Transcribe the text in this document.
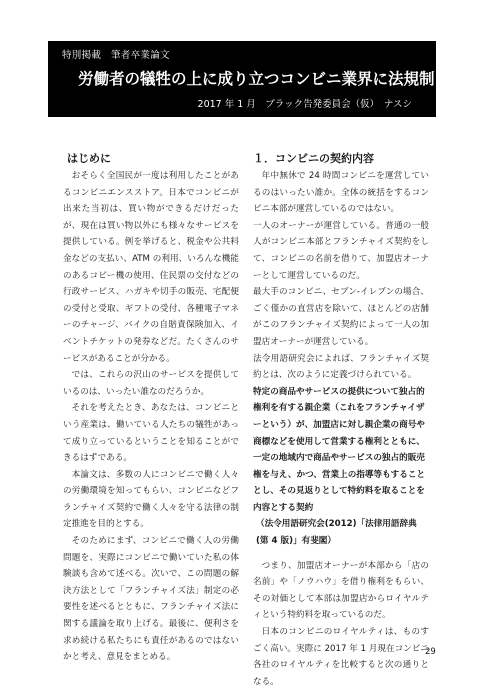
特別掲載　筆者卒業論文
労働者の犠牲の上に成り立つコンビニ業界に法規制を
2017 年 1 月　ブラック告発委員会（仮）　ナスシ
はじめに

おそらく全国民が一度は利用したことがあるコンビニエンスストア。日本でコンビニが出来た当初は、買い物ができるだけだったが、現在は買い物以外にも様々なサービスを提供している。例を挙げると、税金や公共料金などの支払い、ATM の利用、いろんな機能のあるコピー機の使用、住民票の交付などの行政サービス、ハガキや切手の販売、宅配便の受付と受取、ギフトの受付、各種電子マネーのチャージ、バイクの自賠責保険加入、イベントチケットの発券などだ。たくさんのサービスがあることが分かる。

では、これらの沢山のサービスを提供しているのは、いったい誰なのだろうか。

それを考えたとき、あなたは、コンビニという産業は、働いている人たちの犠牲があって成り立っているということを知ることができるはずである。

本論文は、多数の人にコンビニで働く人々の労働環境を知ってもらい、コンビニなどフランチャイズ契約で働く人々を守る法律の制定推進を目的とする。

そのためにまず、コンビニで働く人の労働問題を、実際にコンビニで働いていた私の体験談も含めて述べる。次いで、この問題の解決方法として「フランチャイズ法」制定の必要性を述べるとともに、フランチャイズ法に関する議論を取り上げる。最後に、便利さを求め続ける私たちにも責任があるのではないかと考え、意見をまとめる。

１．コンビニの契約内容

年中無休で 24 時間コンビニを運営しているのはいったい誰か。全体の統括をするコンビニ本部が運営しているのではない。

一人のオーナーが運営している。普通の一般人がコンビニ本部とフランチャイズ契約をして、コンビニの名前を借りて、加盟店オーナーとして運営しているのだ。

最大手のコンビニ、セブン-イレブンの場合、ごく僅かの直営店を除いて、ほとんどの店舗がこのフランチャイズ契約によって一人の加盟店オーナーが運営している。

法令用語研究会によれば、フランチャイズ契約とは、次のように定義づけられている。

特定の商品やサービスの提供について独占的権利を有する親企業（これをフランチャイザーという）が、加盟店に対し親企業の商号や商標などを使用して営業する権利とともに、一定の地域内で商品やサービスの独占的販売権を与え、かつ、営業上の指導等もすることとし、その見返りとして特約料を取ることを内容とする契約
（法令用語研究会(2012)「法律用語辞典(第 4 版)」有斐閣）

つまり、加盟店オーナーが本部から「店の名前」や「ノウハウ」を借り権利をもらい、その対価として本部は加盟店からロイヤルティという特約料を取っているのだ。

日本のコンビニのロイヤルティは、ものすごく高い。実際に 2017 年 1 月現在コンビニ各社のロイヤルティを比較すると次の通りとなる。

29
